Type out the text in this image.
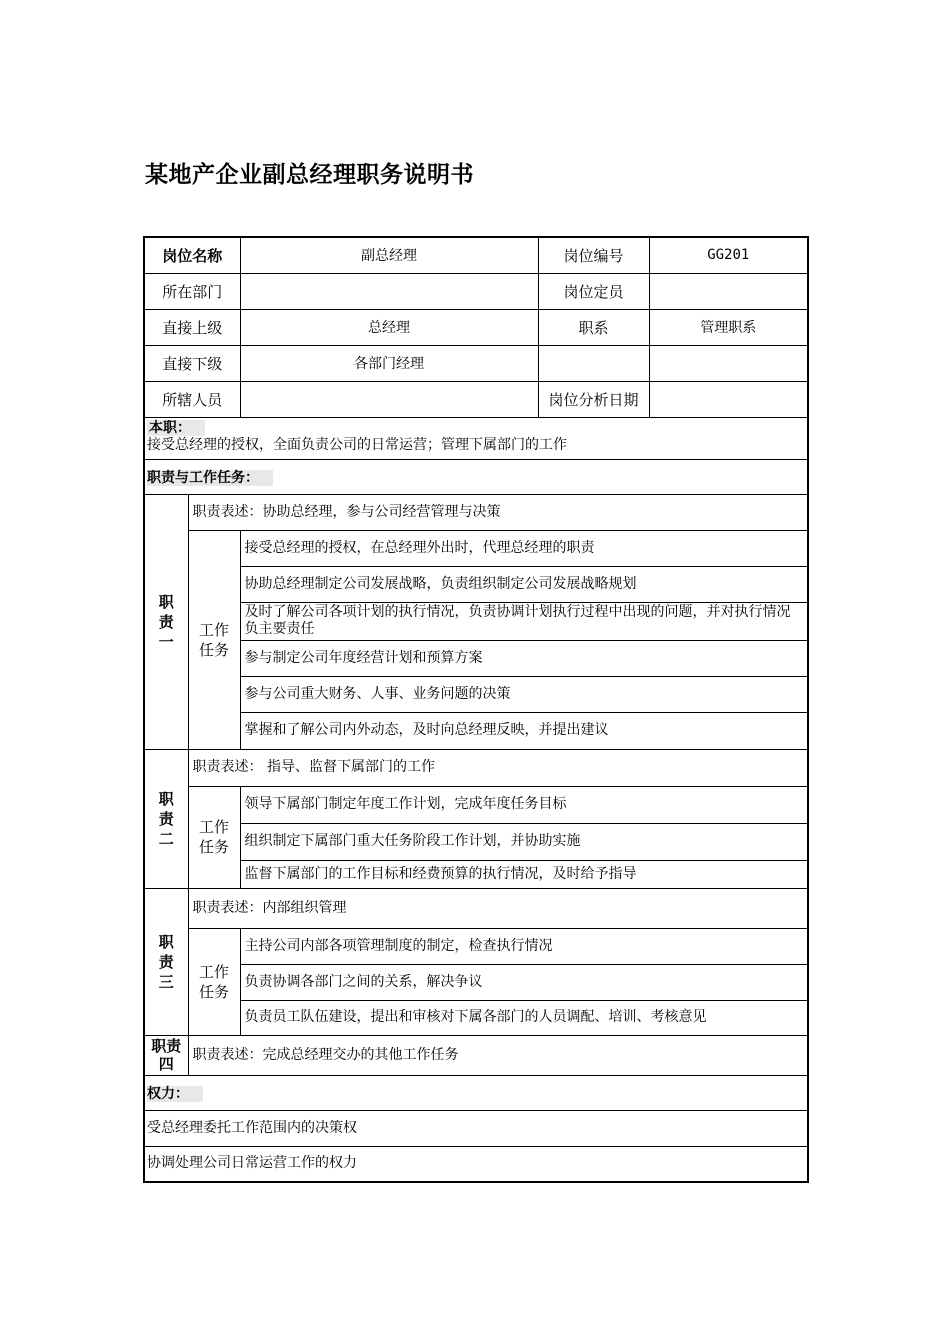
某地产企业副总经理职务说明书
岗位名称		副总经理	岗位编号	GG201
所在部门			岗位定员	
直接上级		总经理	职系	管理职系
直接下级		各部门经理		
所辖人员			岗位分析日期	

本职：
接受总经理的授权，全面负责公司的日常运营；管理下属部门的工作				

职责与工作任务：				

职
责
一	职责表述：协助总经理，参与公司经营管理与决策			

	工作
任务	接受总经理的授权，在总经理外出时，代理总经理的职责		
		协助总经理制定公司发展战略，负责组织制定公司发展战略规划		
		及时了解公司各项计划的执行情况，负责协调计划执行过程中出现的问题，并对执行情况负主要责任		
		参与制定公司年度经营计划和预算方案		
		参与公司重大财务、人事、业务问题的决策		
		掌握和了解公司内外动态，及时向总经理反映，并提出建议		

职
责
二	职责表述： 指导、监督下属部门的工作			

	工作
任务	领导下属部门制定年度工作计划，完成年度任务目标		
		组织制定下属部门重大任务阶段工作计划，并协助实施		
		监督下属部门的工作目标和经费预算的执行情况，及时给予指导		

职
责
三	职责表述：内部组织管理			

	工作
任务	主持公司内部各项管理制度的制定，检查执行情况		
		负责协调各部门之间的关系，解决争议		
		负责员工队伍建设，提出和审核对下属各部门的人员调配、培训、考核意见		

职责
四	职责表述：完成总经理交办的其他工作任务			
权力：				
受总经理委托工作范围内的决策权				
协调处理公司日常运营工作的权力				
